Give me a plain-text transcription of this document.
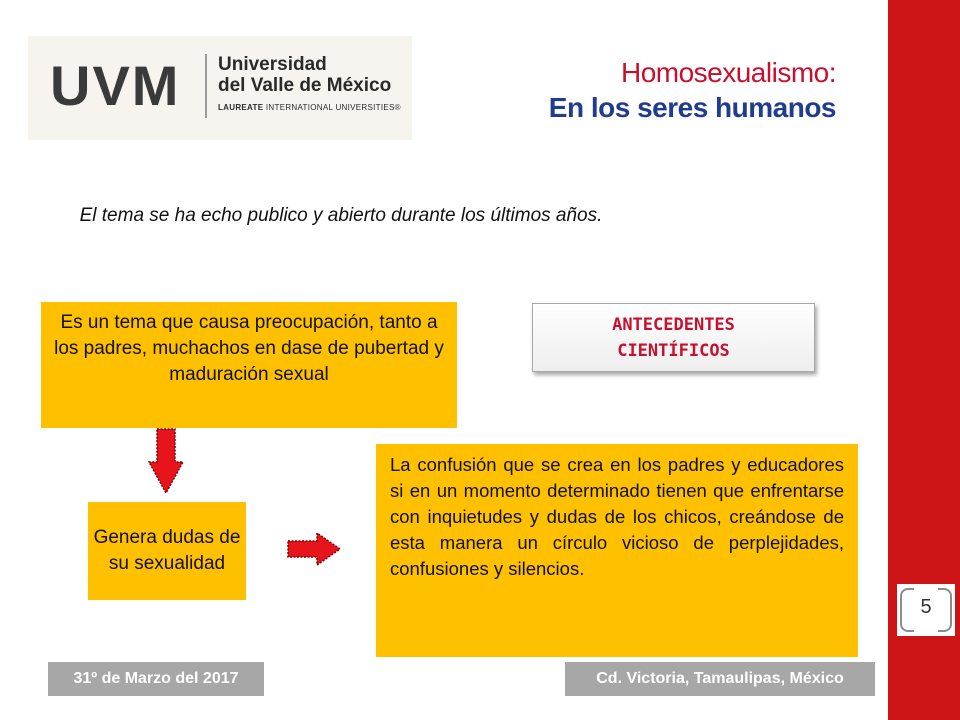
UVM Universidad
del Valle de México
LAUREATE INTERNATIONAL UNIVERSITIES®
Homosexualismo:
En los seres humanos
El tema se ha echo publico y abierto durante los últimos años.
Es un tema que causa preocupación, tanto a los padres, muchachos en dase de pubertad y maduración sexual
ANTECEDENTES CIENTÍFICOS
Genera dudas de su sexualidad
La confusión que se crea en los padres y educadores si en un momento determinado tienen que enfrentarse con inquietudes y dudas de los chicos, creándose de esta manera un círculo vicioso de perplejidades, confusiones y silencios.
5
31º de Marzo del 2017	Cd. Victoria, Tamaulipas, México
